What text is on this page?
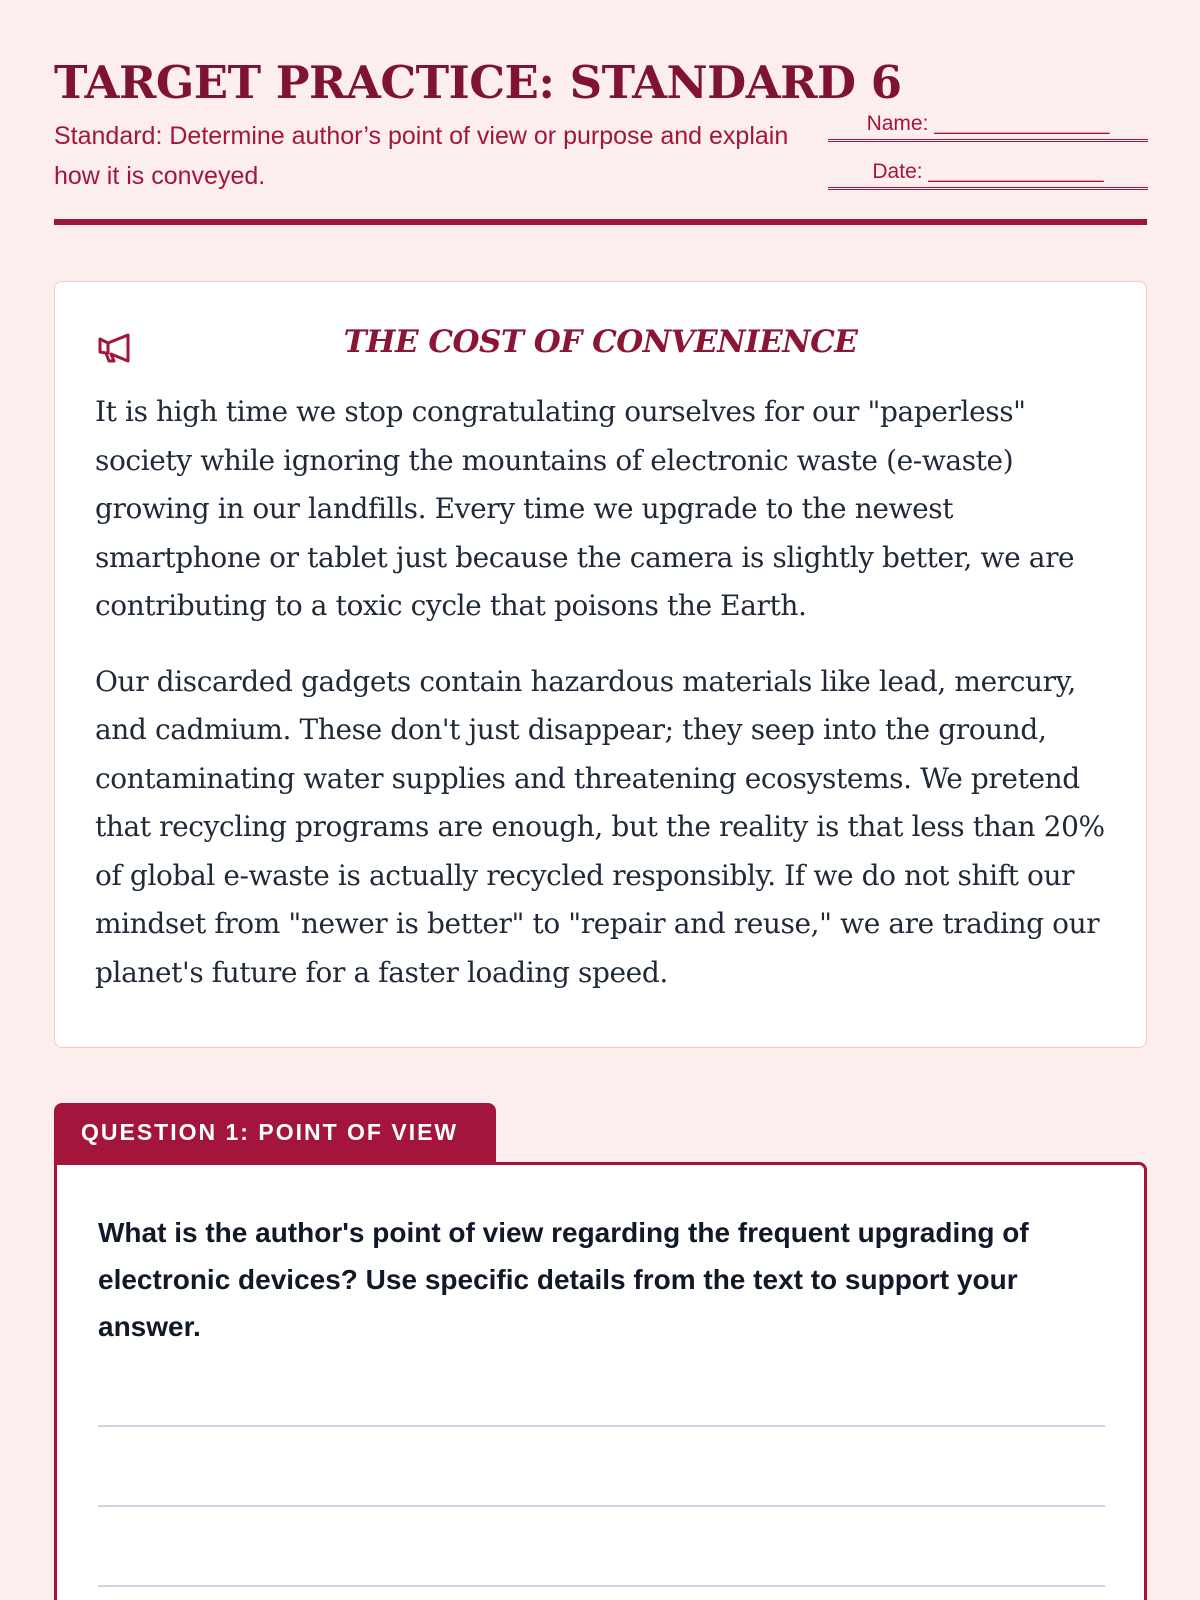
TARGET PRACTICE: STANDARD 6
Standard: Determine author’s point of view or purpose and explain how it is conveyed.
Name: _______________
Date: _______________
THE COST OF CONVENIENCE

It is high time we stop congratulating ourselves for our "paperless" society while ignoring the mountains of electronic waste (e-waste) growing in our landfills. Every time we upgrade to the newest smartphone or tablet just because the camera is slightly better, we are contributing to a toxic cycle that poisons the Earth.

Our discarded gadgets contain hazardous materials like lead, mercury, and cadmium. These don't just disappear; they seep into the ground, contaminating water supplies and threatening ecosystems. We pretend that recycling programs are enough, but the reality is that less than 20% of global e-waste is actually recycled responsibly. If we do not shift our mindset from "newer is better" to "repair and reuse," we are trading our planet's future for a faster loading speed.

QUESTION 1: POINT OF VIEW
What is the author's point of view regarding the frequent upgrading of electronic devices? Use specific details from the text to support your answer.
